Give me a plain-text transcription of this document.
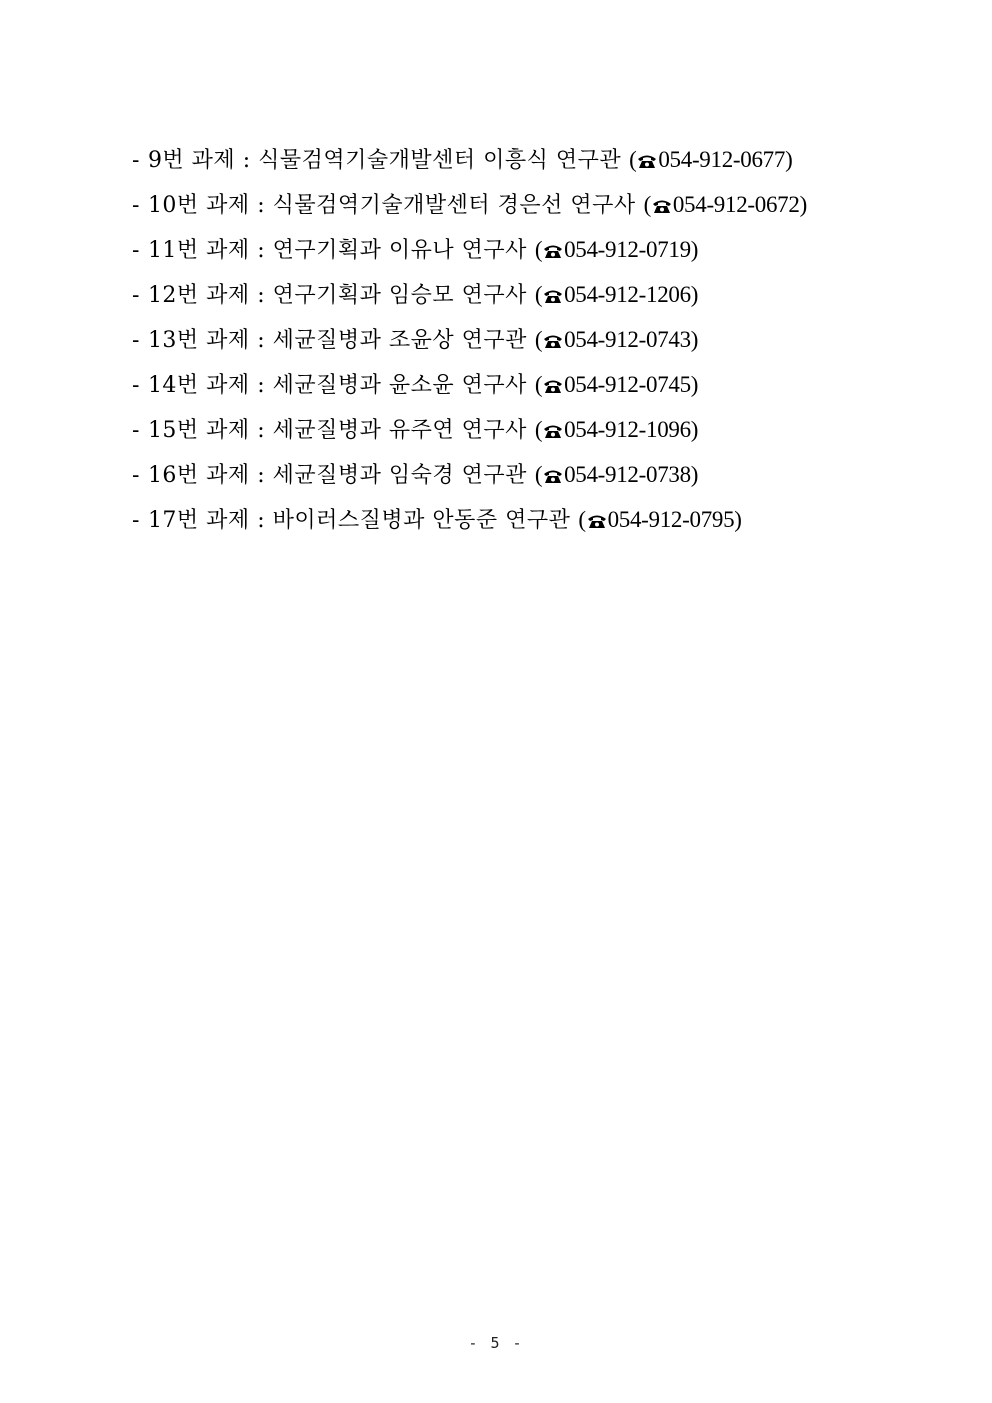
- 9번 과제 : 식물검역기술개발센터 이흥식 연구관 ( 054-912-0677)
- 10번 과제 : 식물검역기술개발센터 경은선 연구사 ( 054-912-0672)
- 11번 과제 : 연구기획과 이유나 연구사 ( 054-912-0719)
- 12번 과제 : 연구기획과 임승모 연구사 ( 054-912-1206)
- 13번 과제 : 세균질병과 조윤상 연구관 ( 054-912-0743)
- 14번 과제 : 세균질병과 윤소윤 연구사 ( 054-912-0745)
- 15번 과제 : 세균질병과 유주연 연구사 ( 054-912-1096)
- 16번 과제 : 세균질병과 임숙경 연구관 ( 054-912-0738)
- 17번 과제 : 바이러스질병과 안동준 연구관 ( 054-912-0795)
- 5 -
